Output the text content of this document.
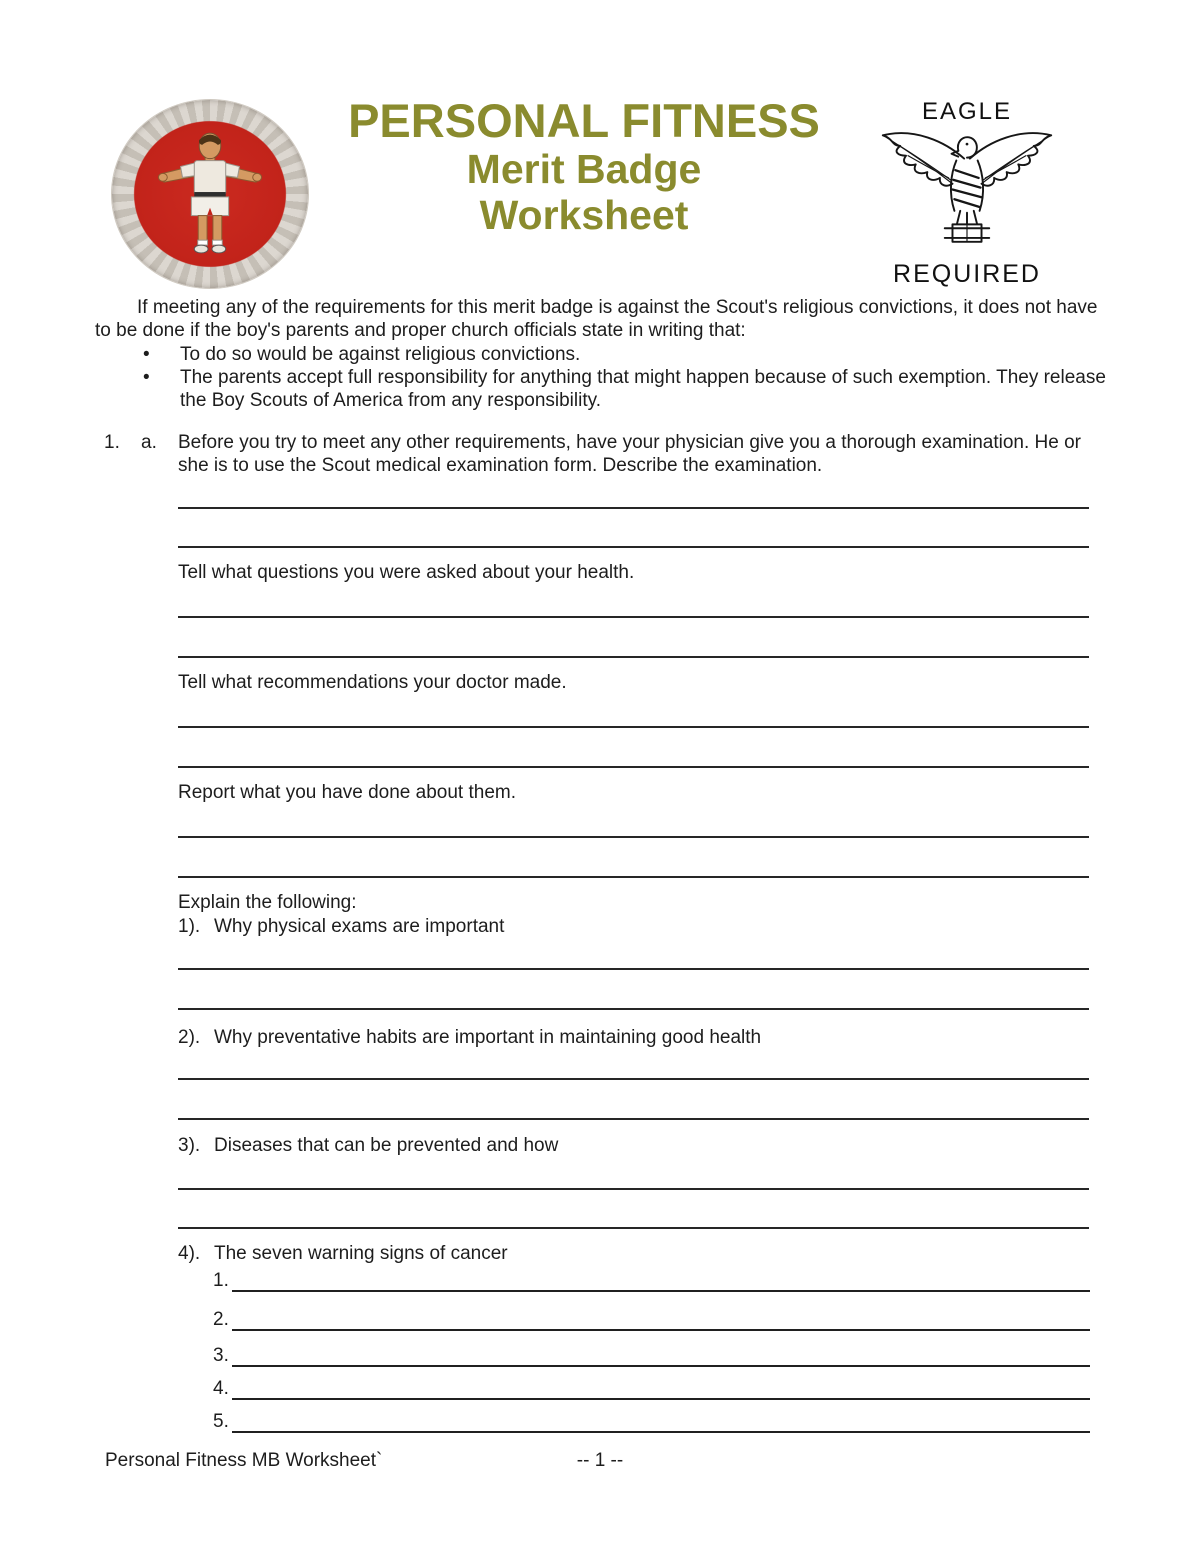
PERSONAL FITNESS
Merit Badge
Worksheet
EAGLE
REQUIRED

If meeting any of the requirements for this merit badge is against the Scout's religious convictions, it does not have to be done if the boy's parents and proper church officials state in writing that:

•	To do so would be against religious convictions.
•	The parents accept full responsibility for anything that might happen because of such exemption. They release the Boy Scouts of America from any responsibility.
1.	a.	Before you try to meet any other requirements, have your physician give you a thorough examination. He or she is to use the Scout medical examination form. Describe the examination.
Tell what questions you were asked about your health.
Tell what recommendations your doctor made.
Report what you have done about them.
Explain the following:
1). Why physical exams are important
2). Why preventative habits are important in maintaining good health
3). Diseases that can be prevented and how
4). The seven warning signs of cancer
1.
2.
3.
4.
5.
Personal Fitness MB Worksheet`	-- 1 --
